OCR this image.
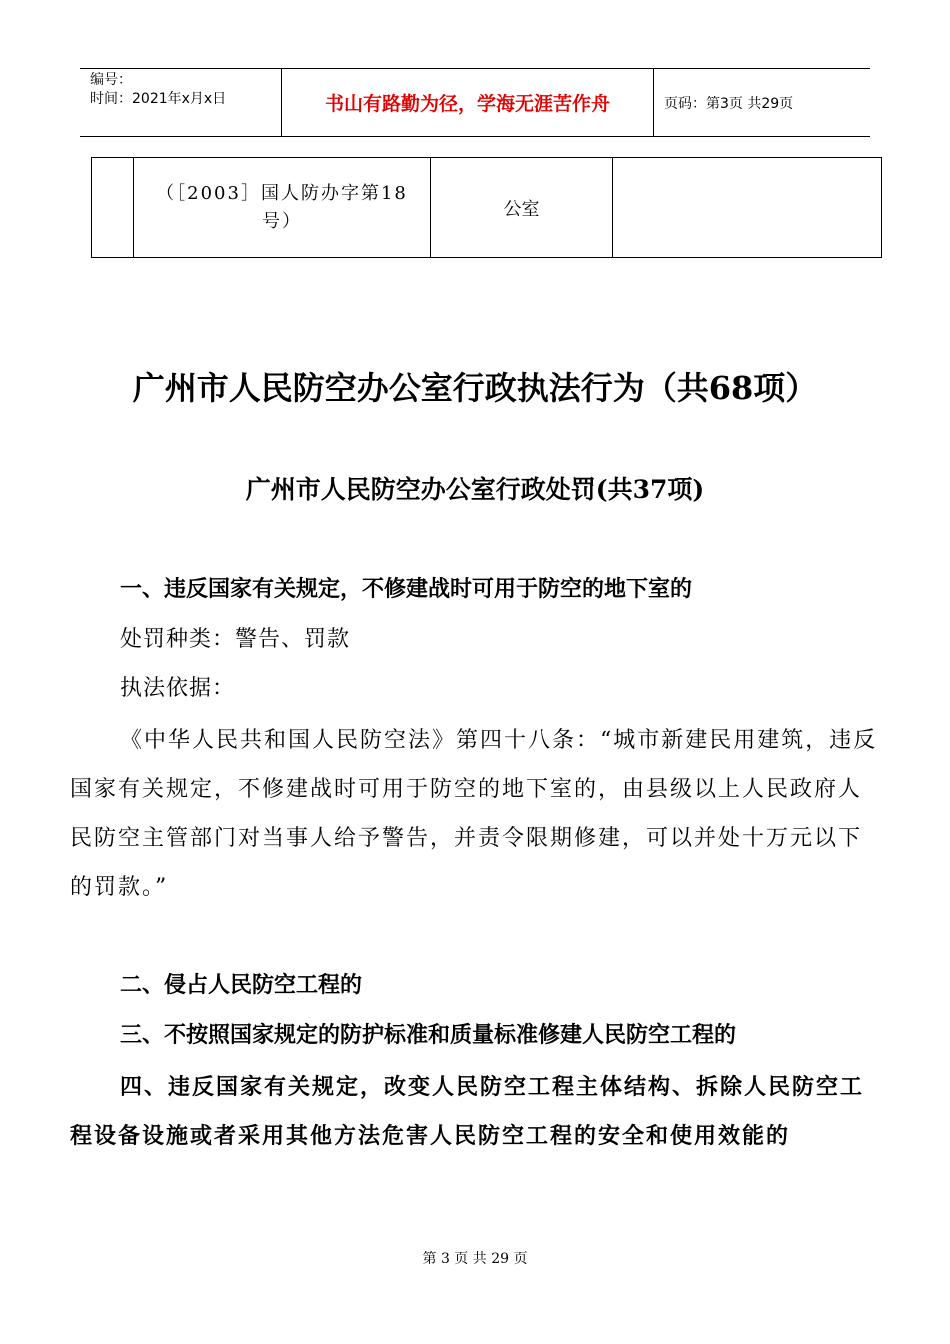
编号：
时间：2021年x月x日	书山有路勤为径，学海无涯苦作舟	页码：第3页 共29页

（［2003］国人防办字第18
号）
	公室	
广州市人民防空办公室行政执法行为（共68项）
广州市人民防空办公室行政处罚(共37项)
一、违反国家有关规定，不修建战时可用于防空的地下室的
处罚种类：警告、罚款
执法依据：
《中华人民共和国人民防空法》第四十八条：“城市新建民用建筑，违反国家有关规定，不修建战时可用于防空的地下室的，由县级以上人民政府人民防空主管部门对当事人给予警告，并责令限期修建，可以并处十万元以下的罚款。”
二、侵占人民防空工程的
三、不按照国家规定的防护标准和质量标准修建人民防空工程的
四、违反国家有关规定，改变人民防空工程主体结构、拆除人民防空工程设备设施或者采用其他方法危害人民防空工程的安全和使用效能的
第 3 页 共 29 页
